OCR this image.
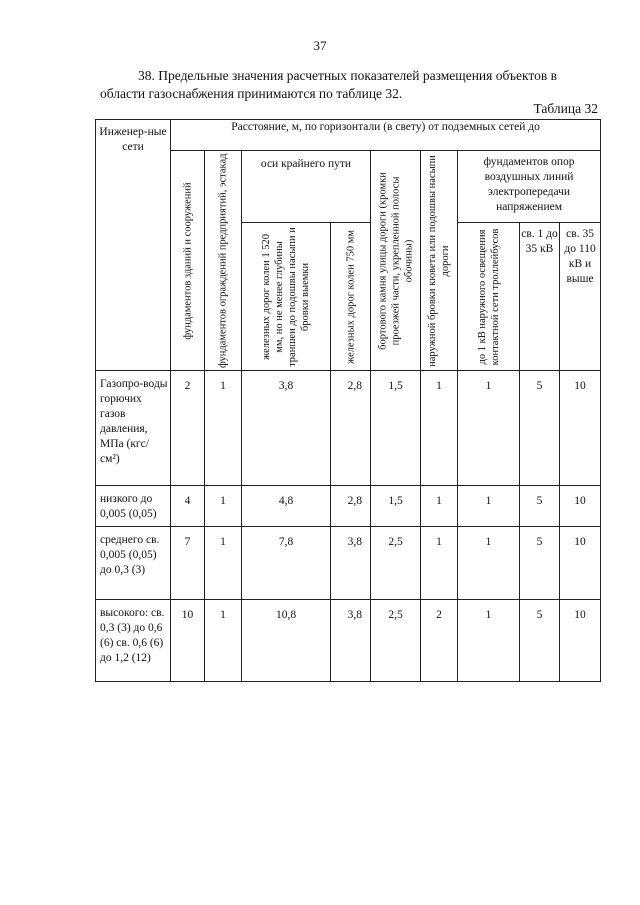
37
38. Предельные значения расчетных показателей размещения объектов в области газоснабжения принимаются по таблице 32.
Таблица 32
Инженер-ные сети	Расстояние, м, по горизонтали (в свету) от подземных сетей до								

	фундаментов зданий и сооружений	фундаментов ограждений предприятий, эстакад	оси крайнего пути		бортового камня улицы дороги (кромки проезжей части, укрепленной полосы обочины)	наружной бровки кювета или подошвы насыпи дороги	фундаментов опор воздушных линий электропередачи напряжением		

			железных дорог колеи 1 520 мм, но не менее глубины траншеи до подошвы насыпи и бровки выемки	железных дорог колеи 750 мм			до 1 кВ наружного освещения контактной сети троллейбусов	св. 1 до 35 кВ	св. 35 до 110 кВ и выше
Газопро-воды горючих газов давления, МПа (кгс/см²)	2	1	3,8	2,8	1,5	1	1	5	10
низкого до 0,005 (0,05)	4	1	4,8	2,8	1,5	1	1	5	10
среднего св. 0,005 (0,05) до 0,3 (3)	7	1	7,8	3,8	2,5	1	1	5	10
высокого: св. 0,3 (3) до 0,6 (6) св. 0,6 (6) до 1,2 (12)	10	1	10,8	3,8	2,5	2	1	5	10
